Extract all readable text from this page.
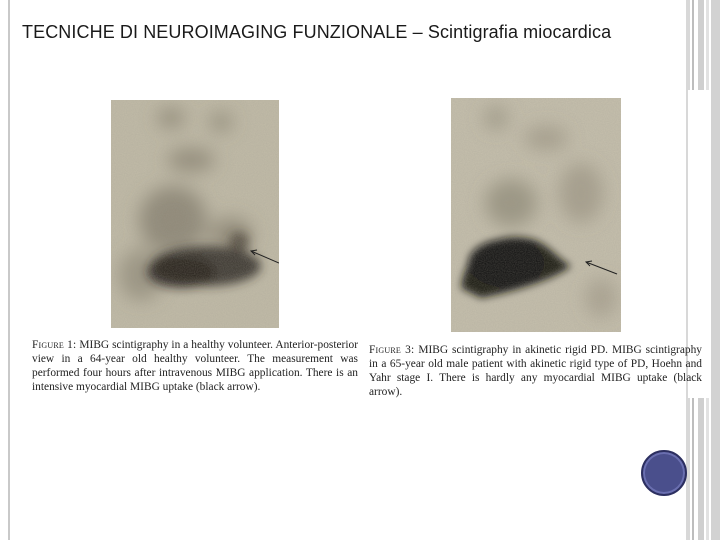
TECNICHE DI NEUROIMAGING FUNZIONALE – Scintigrafia miocardica
Figure 1: MIBG scintigraphy in a healthy volunteer. Anterior-posterior view in a 64-year old healthy volunteer. The measurement was performed four hours after intravenous MIBG application. There is an intensive myocardial MIBG uptake (black arrow).
Figure 3: MIBG scintigraphy in akinetic rigid PD. MIBG scintigraphy in a 65-year old male patient with akinetic rigid type of PD, Hoehn and Yahr stage I. There is hardly any myocardial MIBG uptake (black arrow).
